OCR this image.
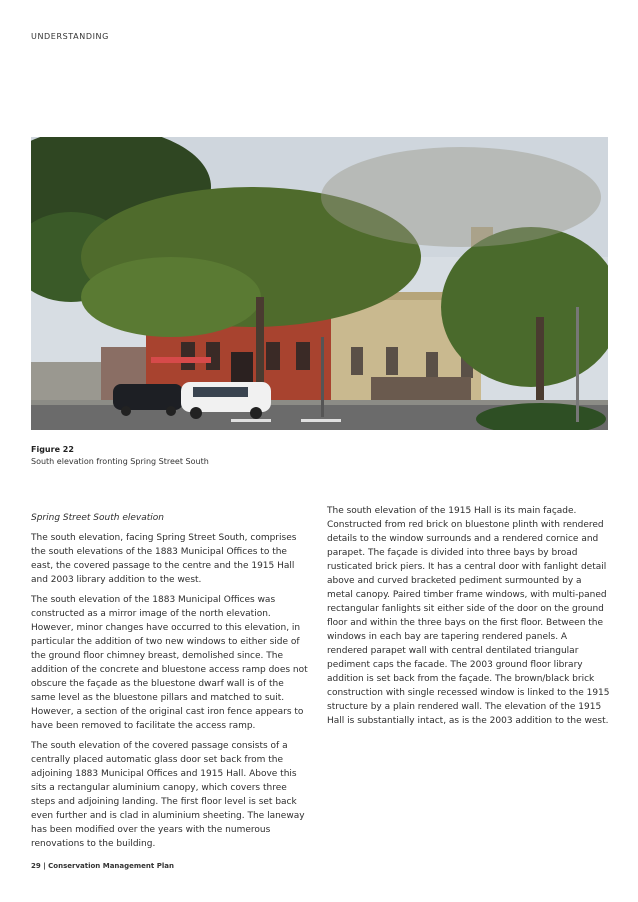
UNDERSTANDING
Figure 22
South elevation fronting Spring Street South

Spring Street South elevation

The south elevation, facing Spring Street South, comprises the south elevations of the 1883 Municipal Offices to the east, the covered passage to the centre and the 1915 Hall and 2003 library addition to the west.

The south elevation of the 1883 Municipal Offices was constructed as a mirror image of the north elevation. However, minor changes have occurred to this elevation, in particular the addition of two new windows to either side of the ground floor chimney breast, demolished since. The addition of the concrete and bluestone access ramp does not obscure the façade as the bluestone dwarf wall is of the same level as the bluestone pillars and matched to suit. However, a section of the original cast iron fence appears to have been removed to facilitate the access ramp.

The south elevation of the covered passage consists of a centrally placed automatic glass door set back from the adjoining 1883 Municipal Offices and 1915 Hall. Above this sits a rectangular aluminium canopy, which covers three steps and adjoining landing. The first floor level is set back even further and is clad in aluminium sheeting. The laneway has been modified over the years with the numerous renovations to the building.

The south elevation of the 1915 Hall is its main façade. Constructed from red brick on bluestone plinth with rendered details to the window surrounds and a rendered cornice and parapet. The façade is divided into three bays by broad rusticated brick piers. It has a central door with fanlight detail above and curved bracketed pediment surmounted by a metal canopy. Paired timber frame windows, with multi-paned rectangular fanlights sit either side of the door on the ground floor and within the three bays on the first floor. Between the windows in each bay are tapering rendered panels. A rendered parapet wall with central dentilated triangular pediment caps the facade. The 2003 ground floor library addition is set back from the façade. The brown/black brick construction with single recessed window is linked to the 1915 structure by a plain rendered wall. The elevation of the 1915 Hall is substantially intact, as is the 2003 addition to the west.

29 | Conservation Management Plan
